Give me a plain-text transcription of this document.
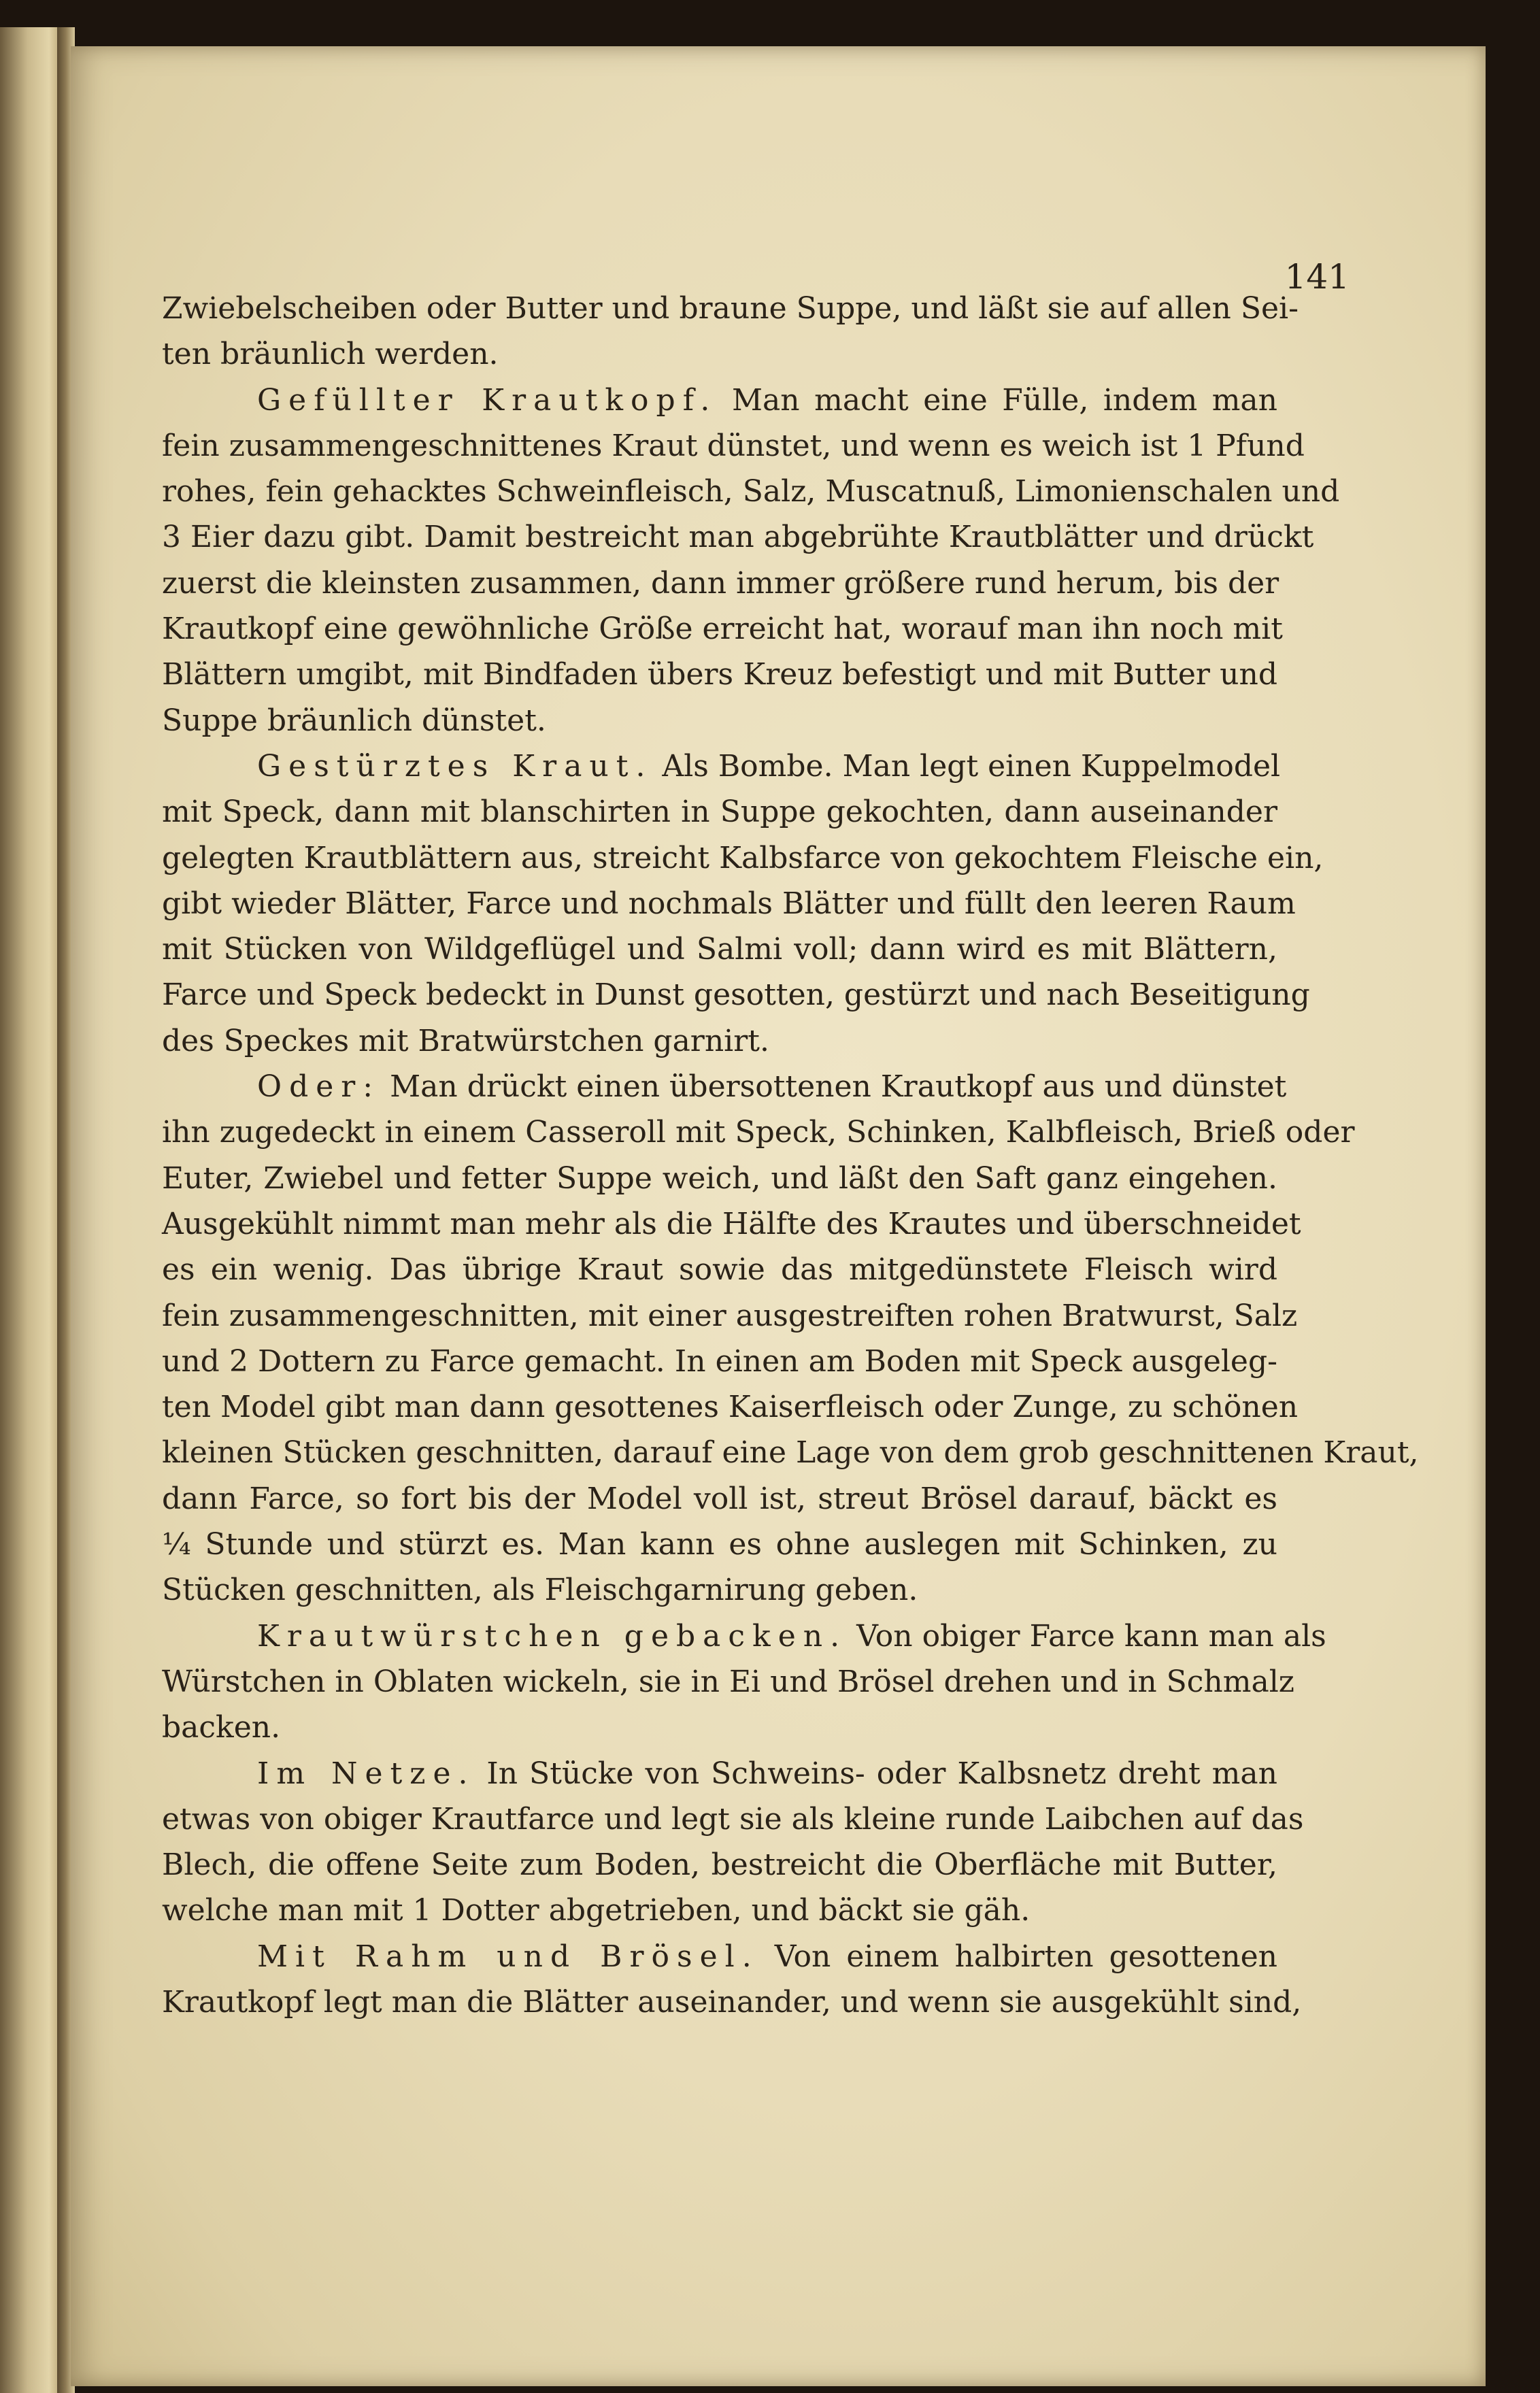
141
Zwiebelscheiben oder Butter und braune Suppe, und läßt sie auf allen Sei-
ten bräunlich werden.
Gefüllter Krautkopf. Man macht eine Fülle, indem man
fein zusammengeschnittenes Kraut dünstet, und wenn es weich ist 1 Pfund
rohes, fein gehacktes Schweinfleisch, Salz, Muscatnuß, Limonienschalen und
3 Eier dazu gibt. Damit bestreicht man abgebrühte Krautblätter und drückt
zuerst die kleinsten zusammen, dann immer größere rund herum, bis der
Krautkopf eine gewöhnliche Größe erreicht hat, worauf man ihn noch mit
Blättern umgibt, mit Bindfaden übers Kreuz befestigt und mit Butter und
Suppe bräunlich dünstet.
Gestürztes Kraut. Als Bombe. Man legt einen Kuppelmodel
mit Speck, dann mit blanschirten in Suppe gekochten, dann auseinander
gelegten Krautblättern aus, streicht Kalbsfarce von gekochtem Fleische ein,
gibt wieder Blätter, Farce und nochmals Blätter und füllt den leeren Raum
mit Stücken von Wildgeflügel und Salmi voll; dann wird es mit Blättern,
Farce und Speck bedeckt in Dunst gesotten, gestürzt und nach Beseitigung
des Speckes mit Bratwürstchen garnirt.
Oder: Man drückt einen übersottenen Krautkopf aus und dünstet
ihn zugedeckt in einem Casseroll mit Speck, Schinken, Kalbfleisch, Brieß oder
Euter, Zwiebel und fetter Suppe weich, und läßt den Saft ganz eingehen.
Ausgekühlt nimmt man mehr als die Hälfte des Krautes und überschneidet
es ein wenig. Das übrige Kraut sowie das mitgedünstete Fleisch wird
fein zusammengeschnitten, mit einer ausgestreiften rohen Bratwurst, Salz
und 2 Dottern zu Farce gemacht. In einen am Boden mit Speck ausgeleg-
ten Model gibt man dann gesottenes Kaiserfleisch oder Zunge, zu schönen
kleinen Stücken geschnitten, darauf eine Lage von dem grob geschnittenen Kraut,
dann Farce, so fort bis der Model voll ist, streut Brösel darauf, bäckt es
¼ Stunde und stürzt es. Man kann es ohne auslegen mit Schinken, zu
Stücken geschnitten, als Fleischgarnirung geben.
Krautwürstchen gebacken. Von obiger Farce kann man als
Würstchen in Oblaten wickeln, sie in Ei und Brösel drehen und in Schmalz
backen.
Im Netze. In Stücke von Schweins- oder Kalbsnetz dreht man
etwas von obiger Krautfarce und legt sie als kleine runde Laibchen auf das
Blech, die offene Seite zum Boden, bestreicht die Oberfläche mit Butter,
welche man mit 1 Dotter abgetrieben, und bäckt sie gäh.
Mit Rahm und Brösel. Von einem halbirten gesottenen
Krautkopf legt man die Blätter auseinander, und wenn sie ausgekühlt sind,
